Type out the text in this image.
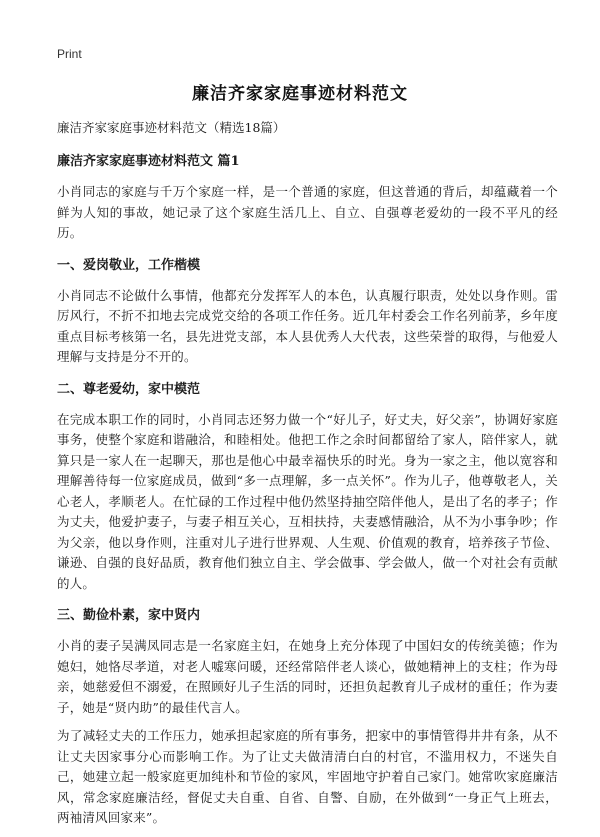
Print
廉洁齐家家庭事迹材料范文

廉洁齐家家庭事迹材料范文（精选18篇）

廉洁齐家家庭事迹材料范文 篇1

小肖同志的家庭与千万个家庭一样，是一个普通的家庭，但这普通的背后，却蕴藏着一个鲜为人知的事故，她记录了这个家庭生活几上、自立、自强尊老爱幼的一段不平凡的经历。

一、爱岗敬业，工作楷模

小肖同志不论做什么事情，他都充分发挥军人的本色，认真履行职责，处处以身作则。雷厉风行，不折不扣地去完成党交给的各项工作任务。近几年村委会工作名列前茅，乡年度重点目标考核第一名，县先进党支部，本人县优秀人大代表，这些荣誉的取得，与他爱人理解与支持是分不开的。

二、尊老爱幼，家中模范

在完成本职工作的同时，小肖同志还努力做一个“好儿子，好丈夫，好父亲”，协调好家庭事务，使整个家庭和谐融洽，和睦相处。他把工作之余时间都留给了家人，陪伴家人，就算只是一家人在一起聊天，那也是他心中最幸福快乐的时光。身为一家之主，他以宽容和理解善待每一位家庭成员，做到“多一点理解，多一点关怀”。作为儿子，他尊敬老人，关心老人，孝顺老人。在忙碌的工作过程中他仍然坚持抽空陪伴他人，是出了名的孝子；作为丈夫，他爱护妻子，与妻子相互关心，互相扶持，夫妻感情融洽，从不为小事争吵；作为父亲，他以身作则，注重对儿子进行世界观、人生观、价值观的教育，培养孩子节俭、谦逊、自强的良好品质，教育他们独立自主、学会做事、学会做人，做一个对社会有贡献的人。

三、勤俭朴素，家中贤内

小肖的妻子吴满凤同志是一名家庭主妇，在她身上充分体现了中国妇女的传统美德；作为媳妇，她恪尽孝道，对老人嘘寒问暖，还经常陪伴老人谈心，做她精神上的支柱；作为母亲，她慈爱但不溺爱，在照顾好儿子生活的同时，还担负起教育儿子成材的重任；作为妻子，她是“贤内助”的最佳代言人。

为了减轻丈夫的工作压力，她承担起家庭的所有事务，把家中的事情管得井井有条，从不让丈夫因家事分心而影响工作。为了让丈夫做清清白白的村官，不滥用权力，不迷失自己，她建立起一般家庭更加纯朴和节俭的家风，牢固地守护着自己家门。她常吹家庭廉洁风，常念家庭廉洁经，督促丈夫自重、自省、自警、自励，在外做到“一身正气上班去，两袖清风回家来”。
